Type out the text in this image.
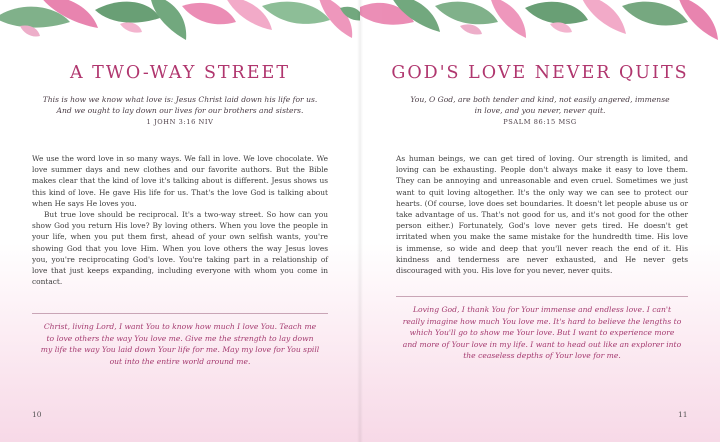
A TWO-WAY STREET
This is how we know what love is: Jesus Christ laid down his life for us. And we ought to lay down our lives for our brothers and sisters.
1 JOHN 3:16 NIV

We use the word love in so many ways. We fall in love. We love chocolate. We love summer days and new clothes and our favorite authors. But the Bible makes clear that the kind of love it's talking about is different. Jesus shows us this kind of love. He gave His life for us. That's the love God is talking about when He says He loves you.

But true love should be reciprocal. It's a two-way street. So how can you show God you return His love? By loving others. When you love the people in your life, when you put them first, ahead of your own selfish wants, you're showing God that you love Him. When you love others the way Jesus loves you, you're reciprocating God's love. You're taking part in a relationship of love that just keeps expanding, including everyone with whom you come in contact.

Christ, living Lord, I want You to know how much I love You. Teach me to love others the way You love me. Give me the strength to lay down my life the way You laid down Your life for me. May my love for You spill out into the entire world around me.
10
GOD'S LOVE NEVER QUITS
You, O God, are both tender and kind, not easily angered, immense in love, and you never, never quit.
PSALM 86:15 MSG

As human beings, we can get tired of loving. Our strength is limited, and loving can be exhausting. People don't always make it easy to love them. They can be annoying and unreasonable and even cruel. Sometimes we just want to quit loving altogether. It's the only way we can see to protect our hearts. (Of course, love does set boundaries. It doesn't let people abuse us or take advantage of us. That's not good for us, and it's not good for the other person either.) Fortunately, God's love never gets tired. He doesn't get irritated when you make the same mistake for the hundredth time. His love is immense, so wide and deep that you'll never reach the end of it. His kindness and tenderness are never exhausted, and He never gets discouraged with you. His love for you never, never quits.

Loving God, I thank You for Your immense and endless love. I can't really imagine how much You love me. It's hard to believe the lengths to which You'll go to show me Your love. But I want to experience more and more of Your love in my life. I want to head out like an explorer into the ceaseless depths of Your love for me.
11
